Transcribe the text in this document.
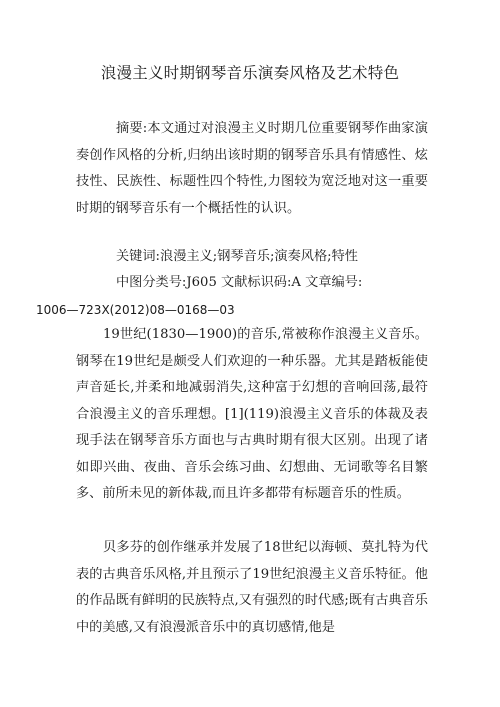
浪漫主义时期钢琴音乐演奏风格及艺术特色

摘要:本文通过对浪漫主义时期几位重要钢琴作曲家演奏创作风格的分析,归纳出该时期的钢琴音乐具有情感性、炫技性、民族性、标题性四个特性,力图较为宽泛地对这一重要时期的钢琴音乐有一个概括性的认识。

关键词:浪漫主义;钢琴音乐;演奏风格;特性

中图分类号:J605 文献标识码:A 文章编号:
1006—723X(2012)08—0168—03

19世纪(1830—1900)的音乐,常被称作浪漫主义音乐。钢琴在19世纪是颇受人们欢迎的一种乐器。尤其是踏板能使声音延长,并柔和地减弱消失,这种富于幻想的音响回荡,最符合浪漫主义的音乐理想。[1](119)浪漫主义音乐的体裁及表现手法在钢琴音乐方面也与古典时期有很大区别。出现了诸如即兴曲、夜曲、音乐会练习曲、幻想曲、无词歌等名目繁多、前所未见的新体裁,而且许多都带有标题音乐的性质。

贝多芬的创作继承并发展了18世纪以海顿、莫扎特为代表的古典音乐风格,并且预示了19世纪浪漫主义音乐特征。他的作品既有鲜明的民族特点,又有强烈的时代感;既有古典音乐中的美感,又有浪漫派音乐中的真切感情,他是
